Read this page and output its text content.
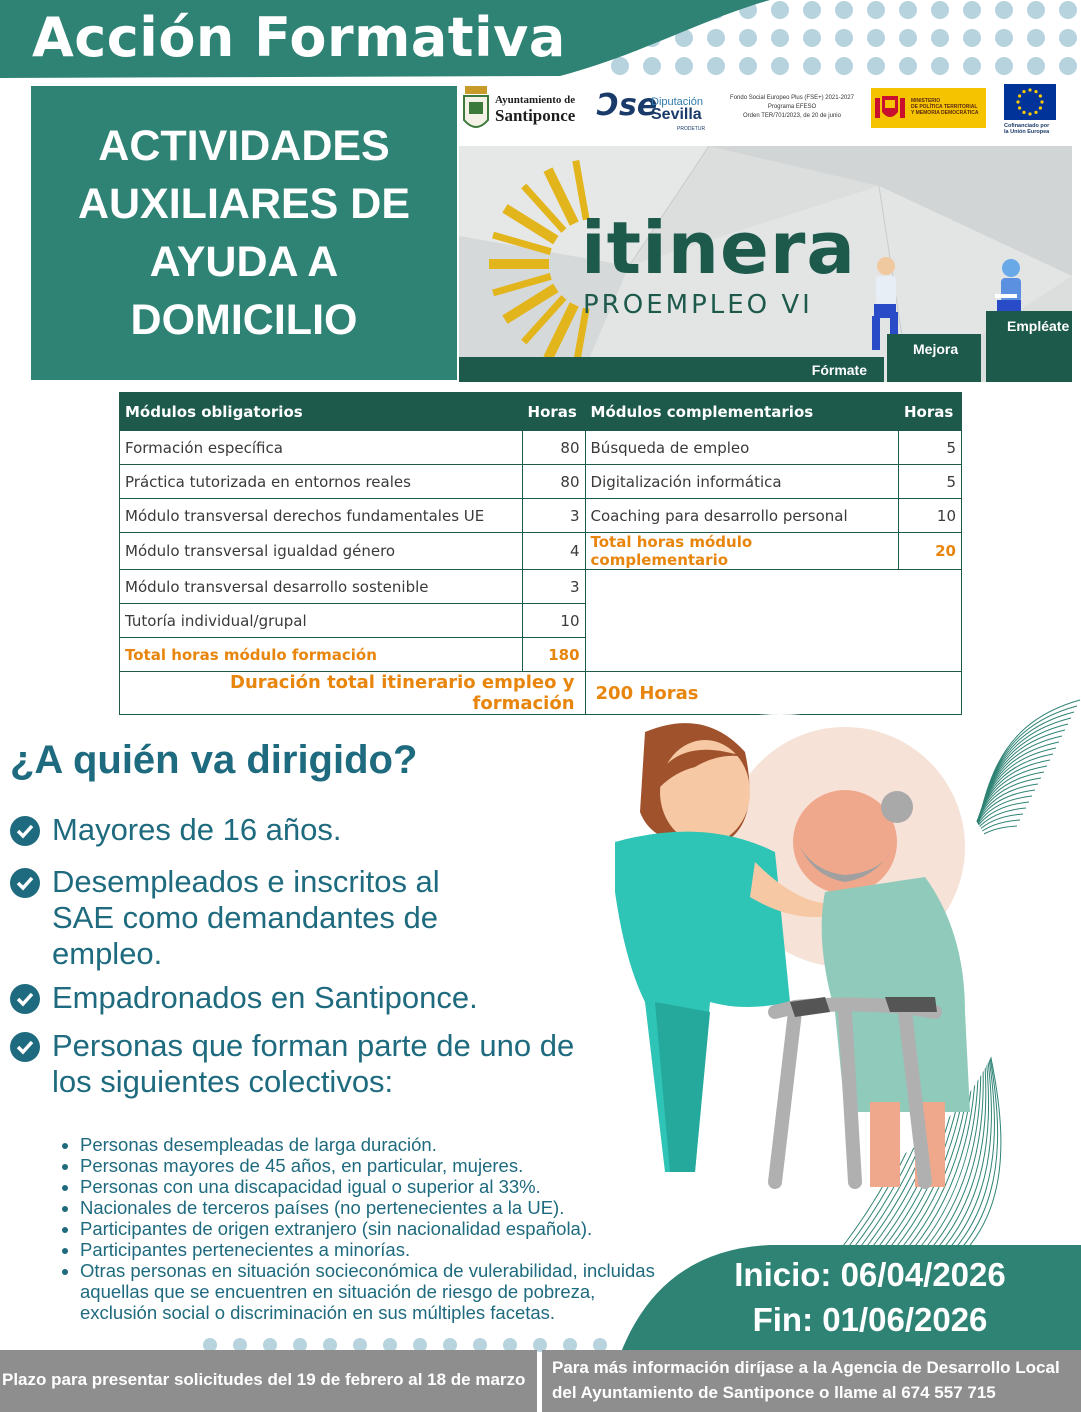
Acción Formativa
ACTIVIDADES AUXILIARES DE AYUDA A DOMICILIO
Ayuntamiento de
Santiponce Ɔse
Diputación
Sevilla
PRODETUR
Fondo Social Europeo Plus (FSE+) 2021-2027
Programa EFESO
Orden TER/701/2023, de 20 de junio
MINISTERIO
DE POLÍTICA TERRITORIAL
Y MEMORIA DEMOCRÁTICA
Cofinanciado por
la Unión Europea
itinera
PROEMPLEO VI
Fórmate
Mejora
Empléate
Módulos obligatorios	Horas	Módulos complementarios	Horas
Formación específica	80	Búsqueda de empleo	5
Práctica tutorizada en entornos reales	80	Digitalización informática	5
Módulo transversal derechos fundamentales UE	3	Coaching para desarrollo personal	10
Módulo transversal igualdad género	4	Total horas módulo complementario	20
Módulo transversal desarrollo sostenible	3		
Tutoría individual/grupal	10		
Total horas módulo formación	180		
Duración total itinerario empleo y formación		200 Horas	
¿A quién va dirigido?
Mayores de 16 años.
Desempleados e inscritos al SAE como demandantes de empleo.
Empadronados en Santiponce.
Personas que forman parte de uno de los siguientes colectivos:
• Personas desempleadas de larga duración.
• Personas mayores de 45 años, en particular, mujeres.
• Personas con una discapacidad igual o superior al 33%.
• Nacionales de terceros países (no pertenecientes a la UE).
• Participantes de origen extranjero (sin nacionalidad española).
• Participantes pertenecientes a minorías.
• Otras personas en situación socieconómica de vulerabilidad, incluidas aquellas que se encuentren en situación de riesgo de pobreza, exclusión social o discriminación en sus múltiples facetas.
Inicio: 06/04/2026
Fin: 01/06/2026
Plazo para presentar solicitudes del 19 de febrero al 18 de marzo
Para más información diríjase a la Agencia de Desarrollo Local del Ayuntamiento de Santiponce o llame al 674 557 715
